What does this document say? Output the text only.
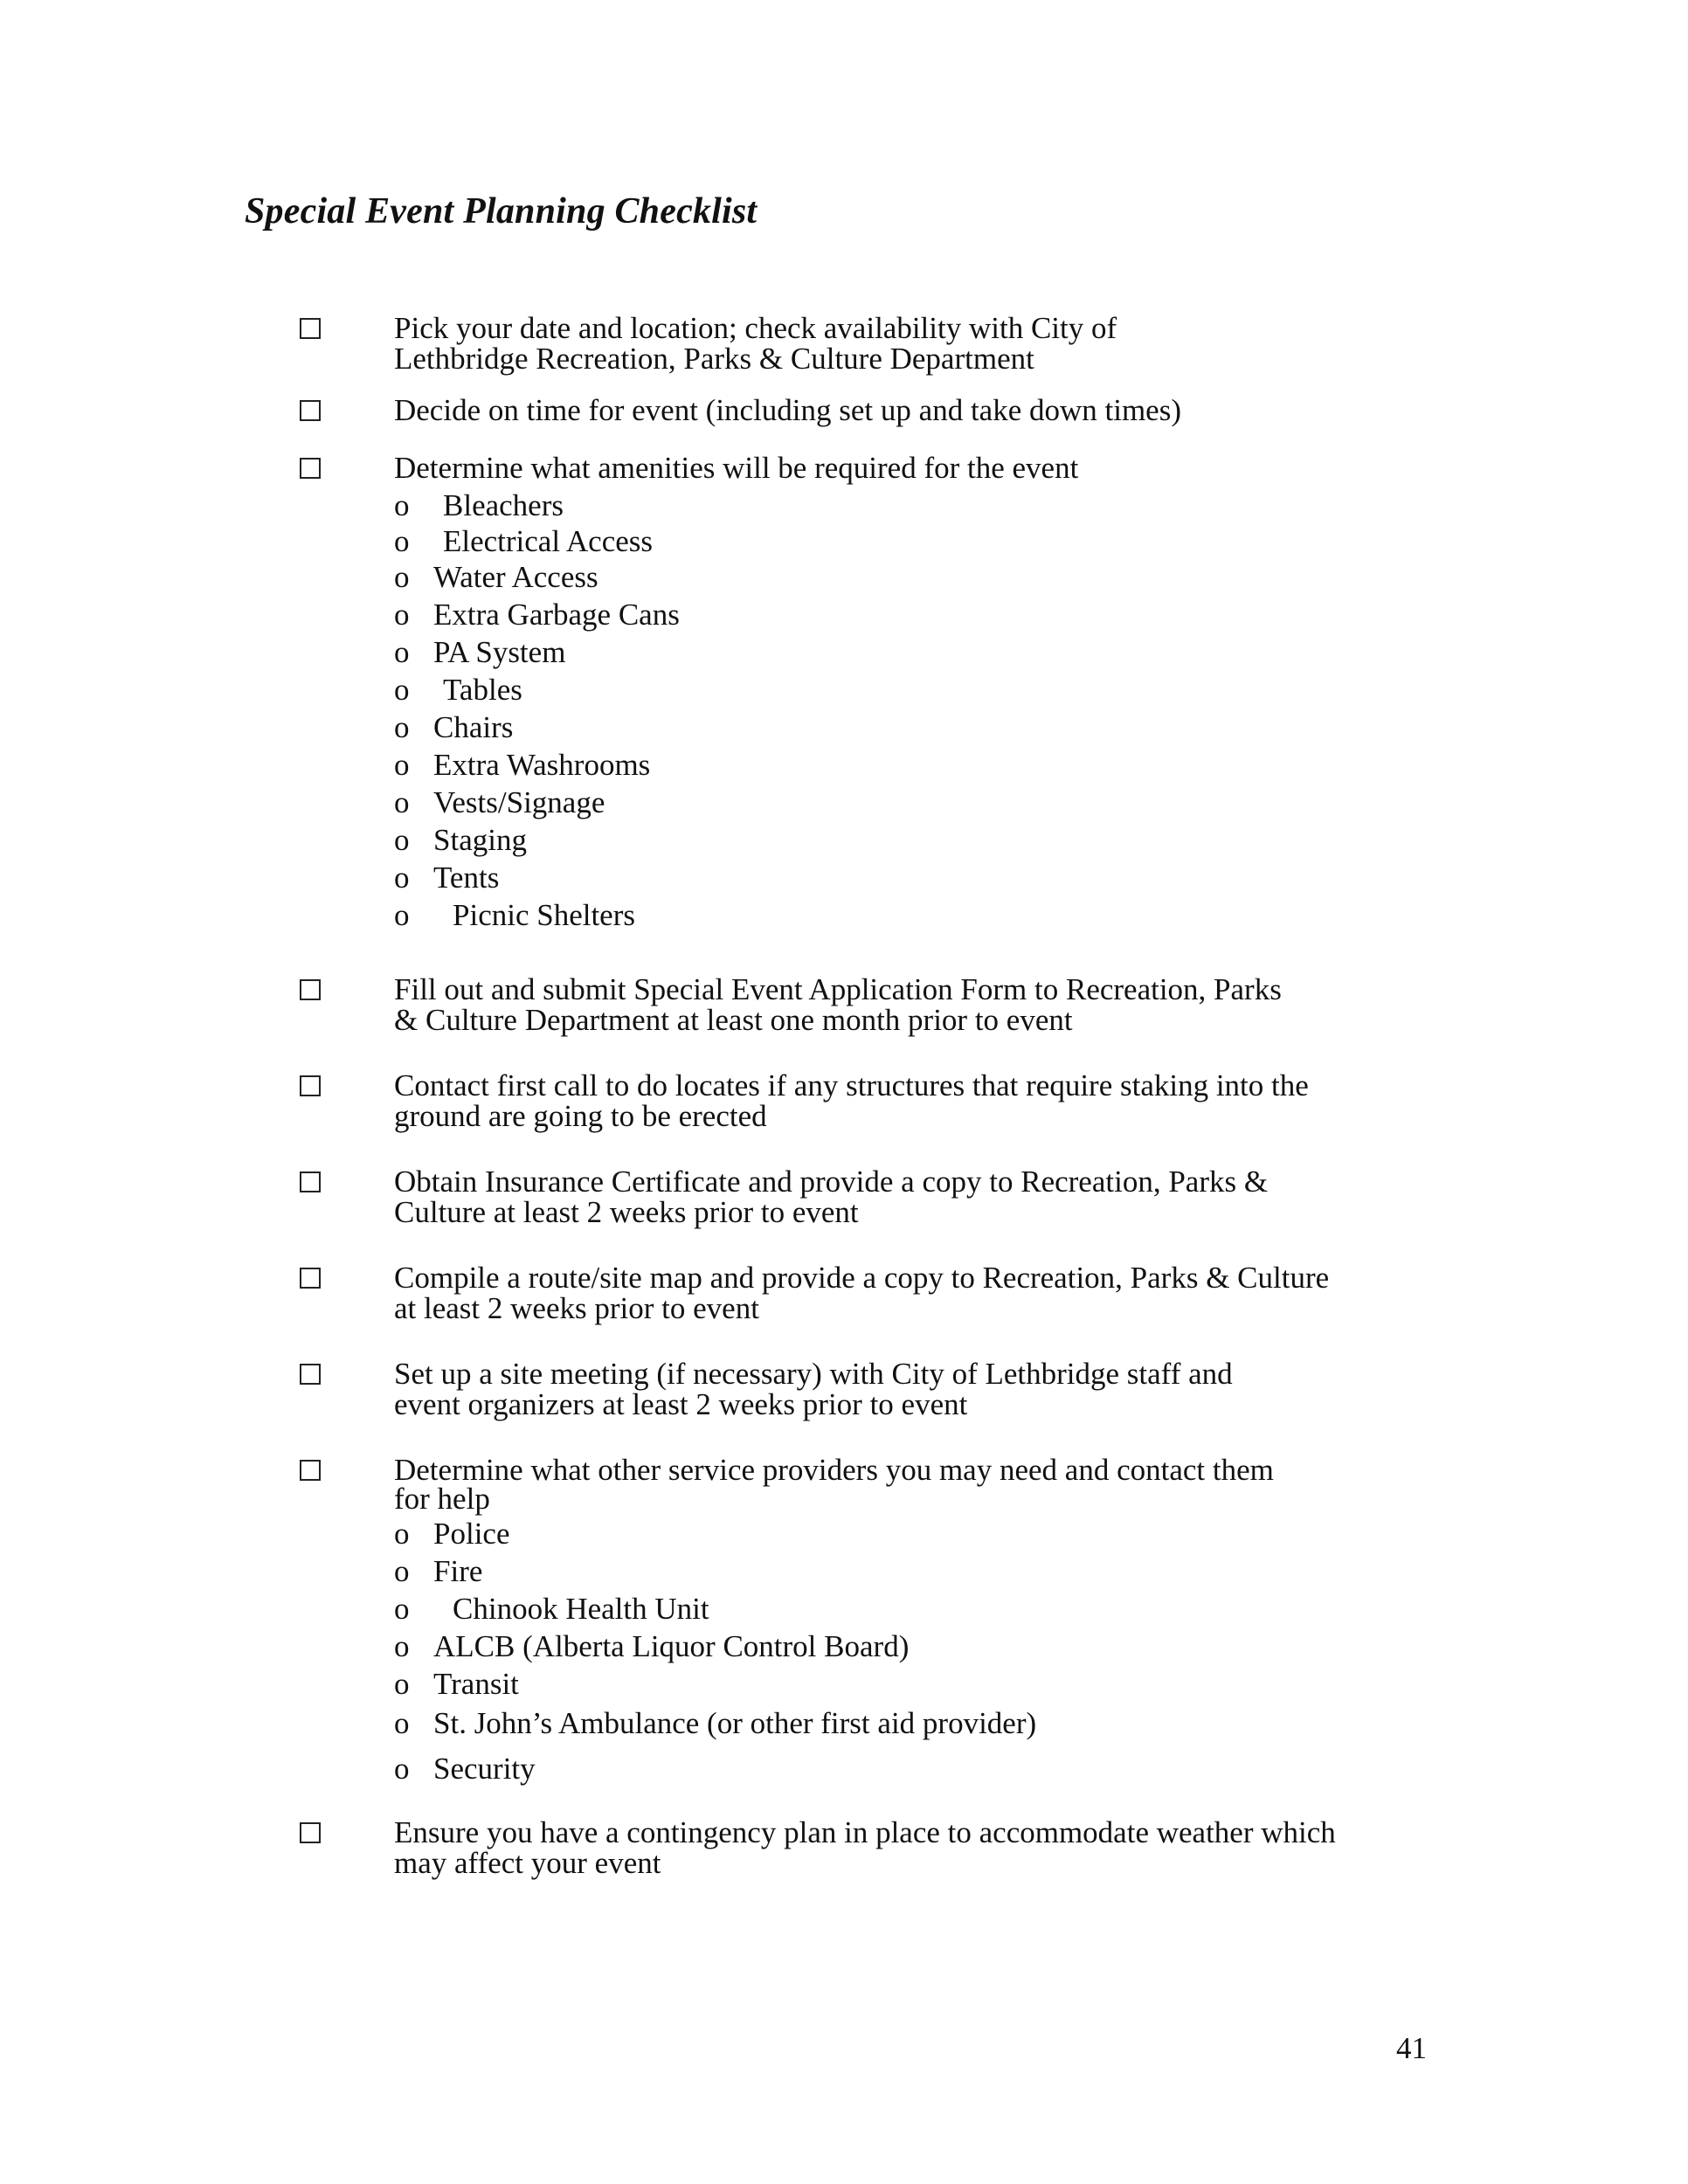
Special Event Planning Checklist
Pick your date and location; check availability with City of
Lethbridge Recreation, Parks & Culture Department
Decide on time for event (including set up and take down times)
Determine what amenities will be required for the event
o Bleachers
o Electrical Access
o Water Access
o Extra Garbage Cans
o PA System
o Tables
o Chairs
o Extra Washrooms
o Vests/Signage
o Staging
o Tents
o Picnic Shelters
Fill out and submit Special Event Application Form to Recreation, Parks
& Culture Department at least one month prior to event
Contact first call to do locates if any structures that require staking into the
ground are going to be erected
Obtain Insurance Certificate and provide a copy to Recreation, Parks &
Culture at least 2 weeks prior to event
Compile a route/site map and provide a copy to Recreation, Parks & Culture
at least 2 weeks prior to event
Set up a site meeting (if necessary) with City of Lethbridge staff and
event organizers at least 2 weeks prior to event
Determine what other service providers you may need and contact them
for help
o Police
o Fire
o Chinook Health Unit
o ALCB (Alberta Liquor Control Board)
o Transit
o St. John’s Ambulance (or other first aid provider)
o Security
Ensure you have a contingency plan in place to accommodate weather which
may affect your event
41
